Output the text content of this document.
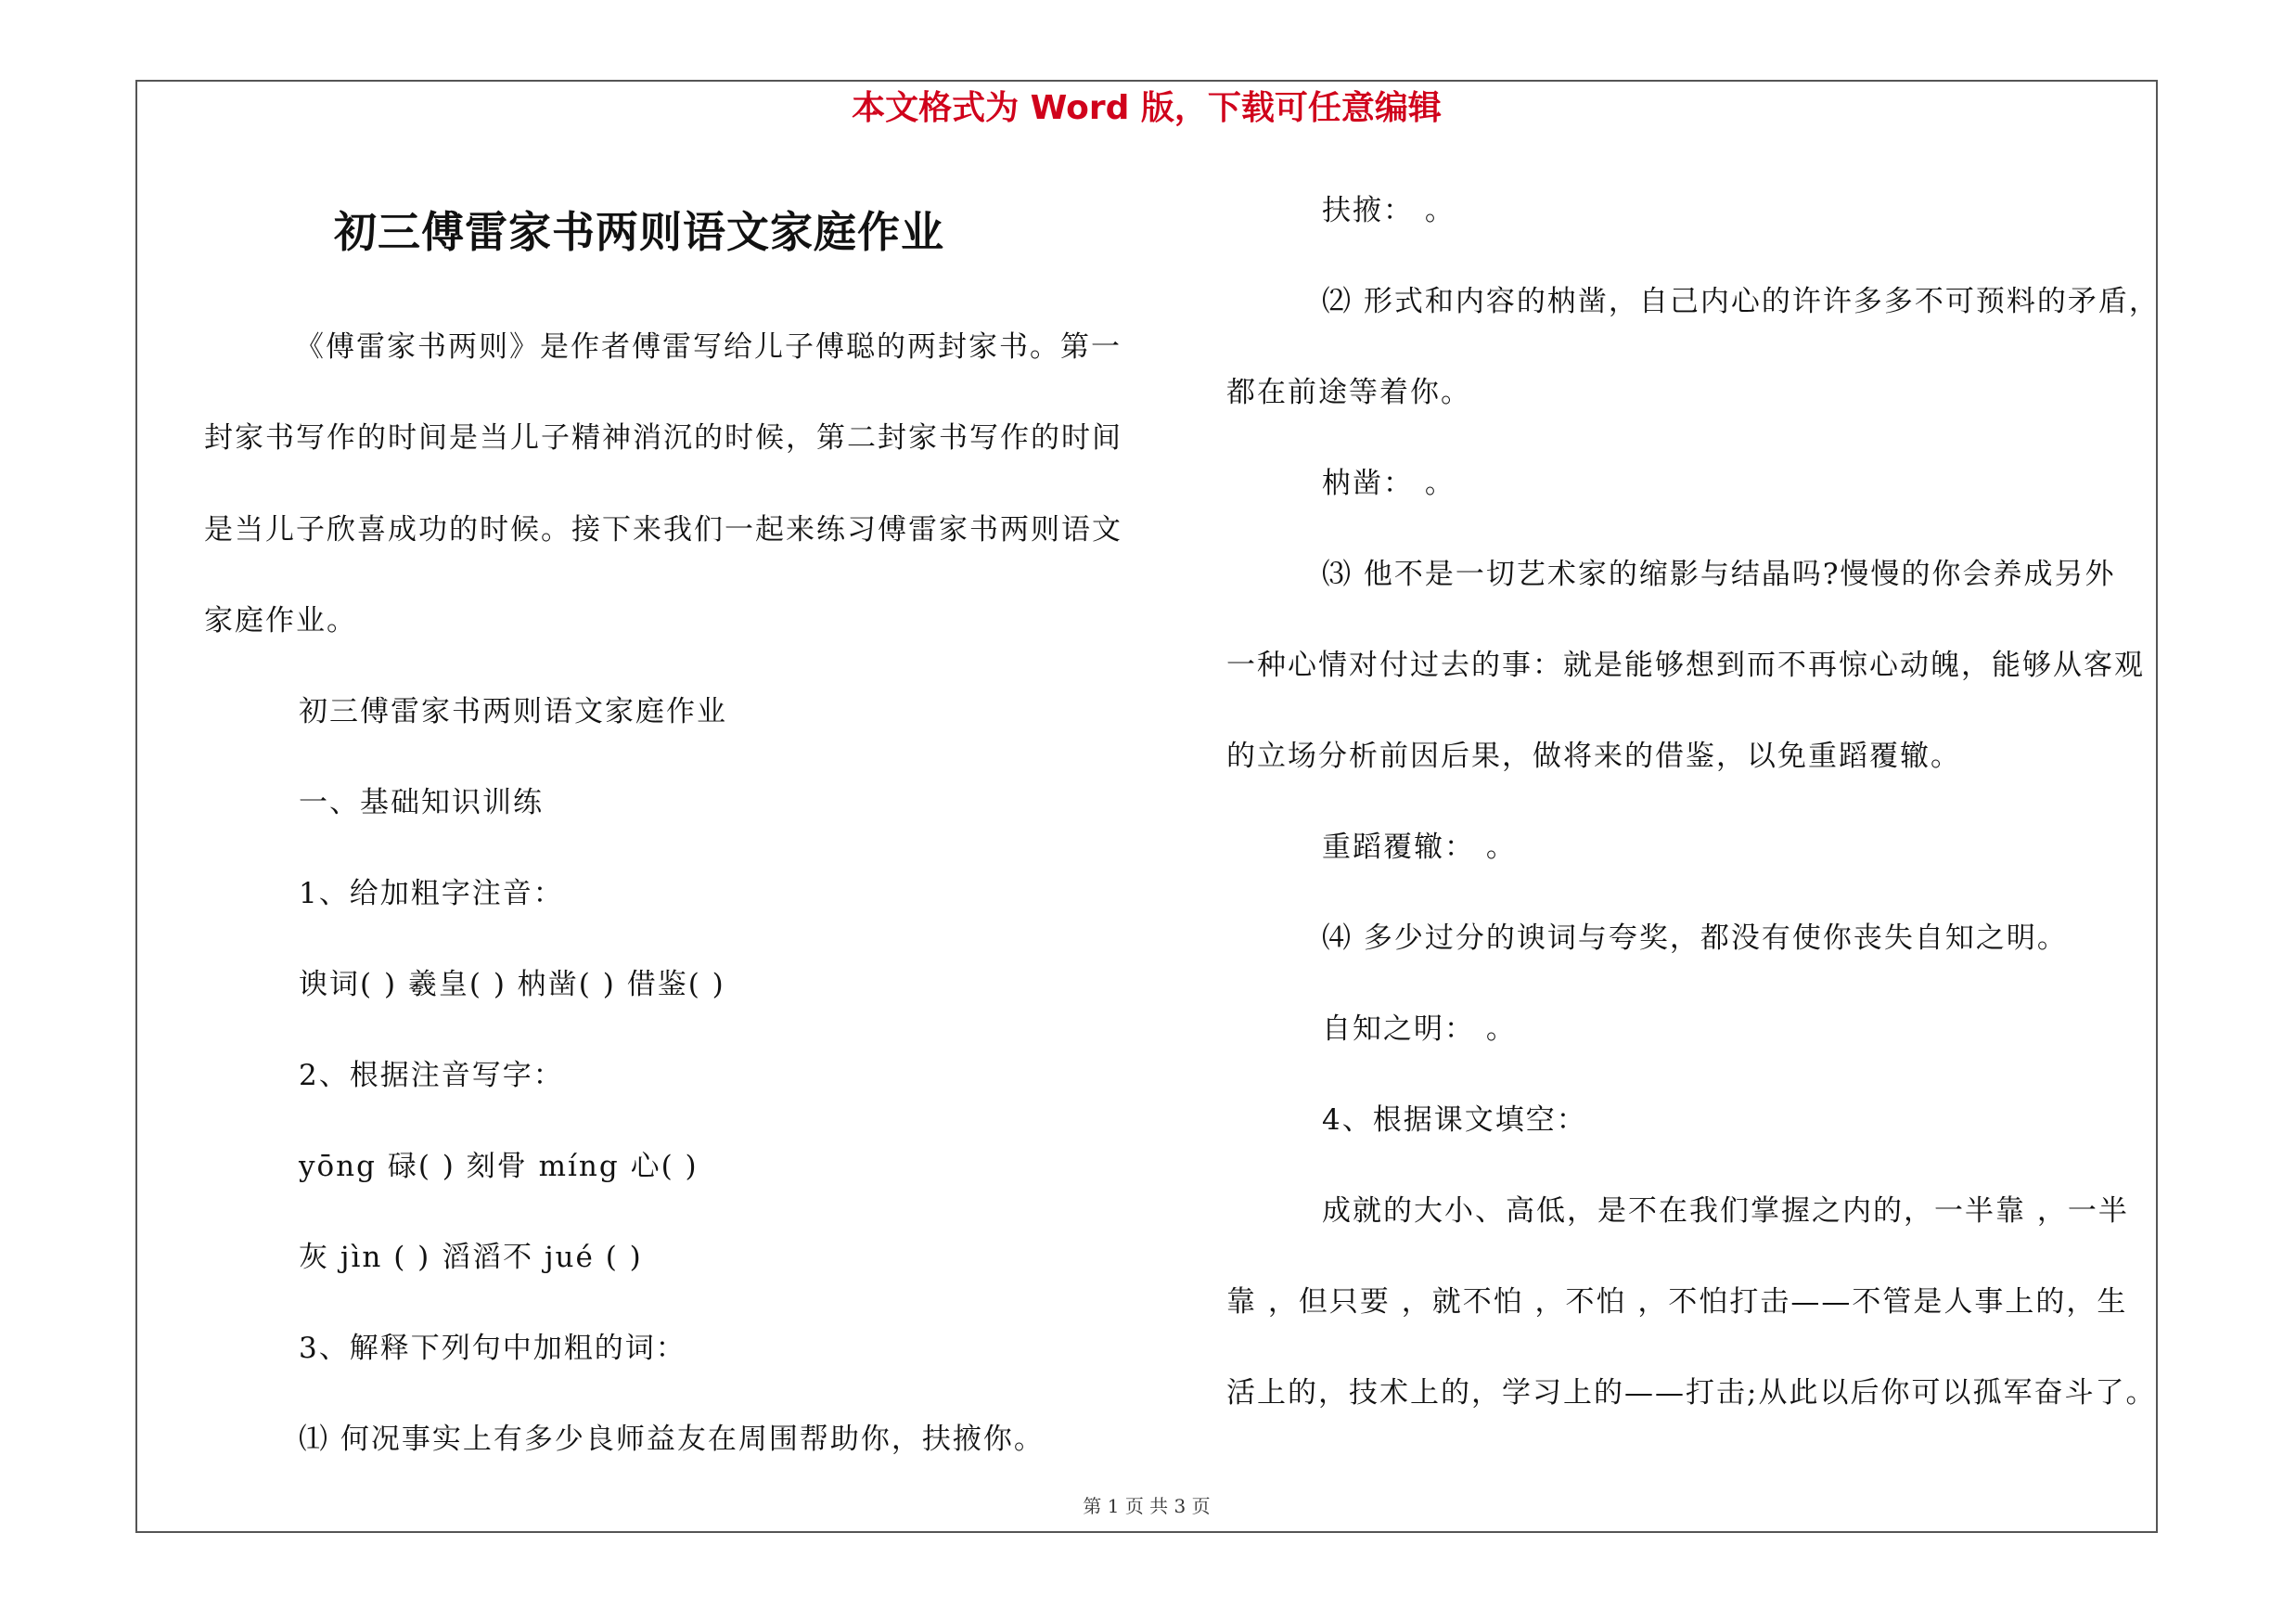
本文格式为 Word 版，下载可任意编辑
初三傅雷家书两则语文家庭作业
《傅雷家书两则》是作者傅雷写给儿子傅聪的两封家书。第一
封家书写作的时间是当儿子精神消沉的时候，第二封家书写作的时间
是当儿子欣喜成功的时候。接下来我们一起来练习傅雷家书两则语文
家庭作业。
初三傅雷家书两则语文家庭作业
一、基础知识训练
1、给加粗字注音：
谀词( ) 羲皇( ) 枘凿( ) 借鉴( )
2、根据注音写字：
yōng 碌( ) 刻骨 míng 心( )
灰 jìn ( ) 滔滔不 jué ( )
3、解释下列句中加粗的词：
⑴ 何况事实上有多少良师益友在周围帮助你，扶掖你。
扶掖： 。
⑵ 形式和内容的枘凿，自己内心的许许多多不可预料的矛盾，
都在前途等着你。
枘凿： 。
⑶ 他不是一切艺术家的缩影与结晶吗?慢慢的你会养成另外
一种心情对付过去的事：就是能够想到而不再惊心动魄，能够从客观
的立场分析前因后果，做将来的借鉴，以免重蹈覆辙。
重蹈覆辙： 。
⑷ 多少过分的谀词与夸奖，都没有使你丧失自知之明。
自知之明： 。
4、根据课文填空：
成就的大小、高低，是不在我们掌握之内的，一半靠 ，一半
靠 ，但只要 ，就不怕 ，不怕 ，不怕打击——不管是人事上的，生
活上的，技术上的，学习上的——打击;从此以后你可以孤军奋斗了。
第 1 页 共 3 页
